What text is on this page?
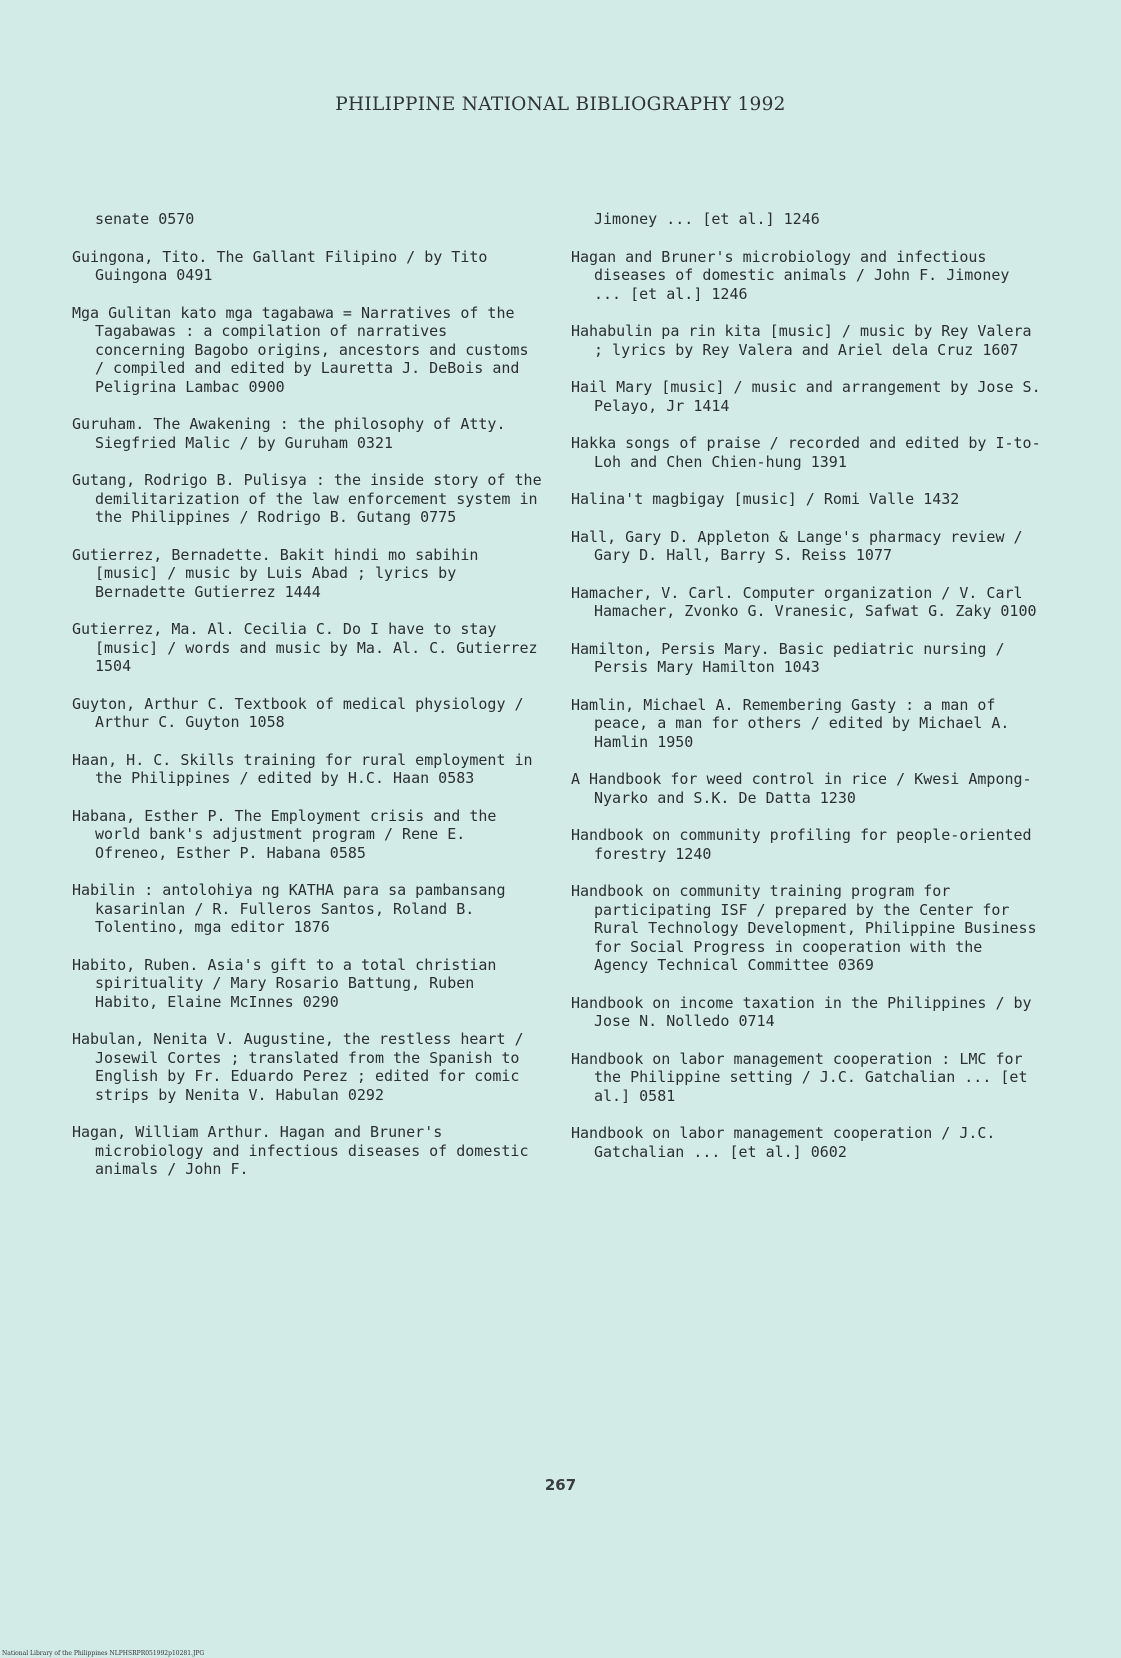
PHILIPPINE NATIONAL BIBLIOGRAPHY 1992

senate 0570

Guingona, Tito. The Gallant Filipino / by Tito Guingona 0491

Mga Gulitan kato mga tagabawa = Narratives of the Tagabawas : a compilation of narratives concerning Bagobo origins, ancestors and customs / compiled and edited by Lauretta J. DeBois and Peligrina Lambac 0900

Guruham. The Awakening : the philosophy of Atty. Siegfried Malic / by Guruham 0321

Gutang, Rodrigo B. Pulisya : the inside story of the demilitarization of the law enforcement system in the Philippines / Rodrigo B. Gutang 0775

Gutierrez, Bernadette. Bakit hindi mo sabihin [music] / music by Luis Abad ; lyrics by Bernadette Gutierrez 1444

Gutierrez, Ma. Al. Cecilia C. Do I have to stay [music] / words and music by Ma. Al. C. Gutierrez 1504

Guyton, Arthur C. Textbook of medical physiology / Arthur C. Guyton 1058

Haan, H. C. Skills training for rural employment in the Philippines / edited by H.C. Haan 0583

Habana, Esther P. The Employment crisis and the world bank's adjustment program / Rene E. Ofreneo, Esther P. Habana 0585

Habilin : antolohiya ng KATHA para sa pambansang kasarinlan / R. Fulleros Santos, Roland B. Tolentino, mga editor 1876

Habito, Ruben. Asia's gift to a total christian spirituality / Mary Rosario Battung, Ruben Habito, Elaine McInnes 0290

Habulan, Nenita V. Augustine, the restless heart / Josewil Cortes ; translated from the Spanish to English by Fr. Eduardo Perez ; edited for comic strips by Nenita V. Habulan 0292

Hagan, William Arthur. Hagan and Bruner's microbiology and infectious diseases of domestic animals / John F.

Jimoney ... [et al.] 1246

Hagan and Bruner's microbiology and infectious diseases of domestic animals / John F. Jimoney ... [et al.] 1246

Hahabulin pa rin kita [music] / music by Rey Valera ; lyrics by Rey Valera and Ariel dela Cruz 1607

Hail Mary [music] / music and arrangement by Jose S. Pelayo, Jr 1414

Hakka songs of praise / recorded and edited by I-to-Loh and Chen Chien-hung 1391

Halina't magbigay [music] / Romi Valle 1432

Hall, Gary D. Appleton & Lange's pharmacy review / Gary D. Hall, Barry S. Reiss 1077

Hamacher, V. Carl. Computer organization / V. Carl Hamacher, Zvonko G. Vranesic, Safwat G. Zaky 0100

Hamilton, Persis Mary. Basic pediatric nursing / Persis Mary Hamilton 1043

Hamlin, Michael A. Remembering Gasty : a man of peace, a man for others / edited by Michael A. Hamlin 1950

A Handbook for weed control in rice / Kwesi Ampong- Nyarko and S.K. De Datta 1230

Handbook on community profiling for people-oriented forestry 1240

Handbook on community training program for participating ISF / prepared by the Center for Rural Technology Development, Philippine Business for Social Progress in cooperation with the Agency Technical Committee 0369

Handbook on income taxation in the Philippines / by Jose N. Nolledo 0714

Handbook on labor management cooperation : LMC for the Philippine setting / J.C. Gatchalian ... [et al.] 0581

Handbook on labor management cooperation / J.C. Gatchalian ... [et al.] 0602

267
National Library of the Philippines NLPHSRPR051992p10281.JPG
